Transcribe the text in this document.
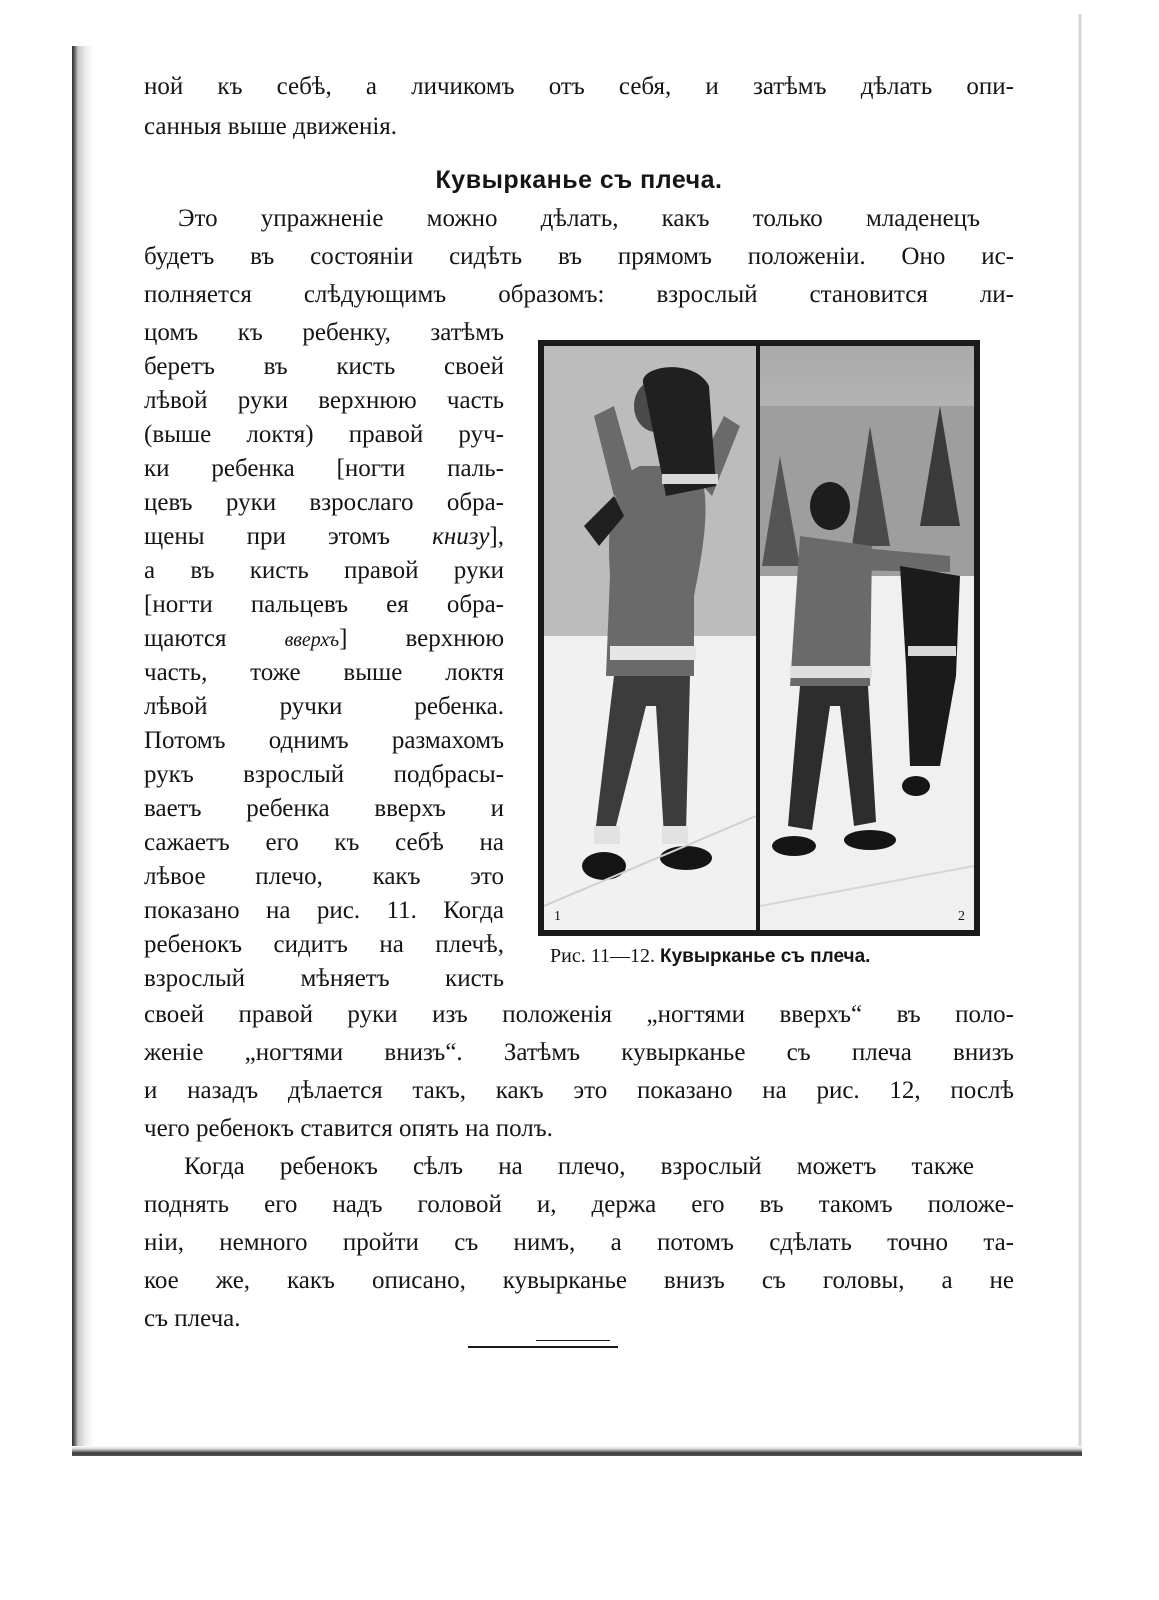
ной къ себѣ, а личикомъ отъ себя, и затѣмъ дѣлать опи-
санныя выше движенія.
Кувырканье съ плеча.
Это упражненіе можно дѣлать, какъ только младенецъ
будетъ въ состояніи сидѣть въ прямомъ положеніи. Оно ис-
полняется слѣдующимъ образомъ: взрослый становится ли-
цомъ къ ребенку, затѣмъ
беретъ въ кисть своей
лѣвой руки верхнюю часть
(выше локтя) правой руч-
ки ребенка [ногти паль-
цевъ руки взрослаго обра-
щены при этомъ книзу],
а въ кисть правой руки
[ногти пальцевъ ея обра-
щаются	вверхъ] верхнюю
часть, тоже выше локтя
лѣвой ручки ребенка.
Потомъ однимъ размахомъ
рукъ взрослый подбрасы-
ваетъ ребенка вверхъ и
сажаетъ его къ себѣ на
лѣвое плечо, какъ это
показано на рис. 11. Когда
ребенокъ сидитъ на плечѣ,
взрослый мѣняетъ кисть
1	2
Рис. 11—12. Кувырканье съ плеча.
своей правой руки изъ положенія „ногтями вверхъ“ въ поло-
женіе „ногтями внизъ“. Затѣмъ кувырканье съ плеча внизъ
и назадъ дѣлается такъ, какъ это показано на рис. 12, послѣ
чего ребенокъ ставится опять на полъ.
Когда ребенокъ сѣлъ на плечо, взрослый можетъ также
поднять его надъ головой и, держа его въ такомъ положе-
ніи, немного пройти съ нимъ, а потомъ сдѣлать точно та-
кое же, какъ описано, кувырканье внизъ съ головы, а не
съ плеча.
